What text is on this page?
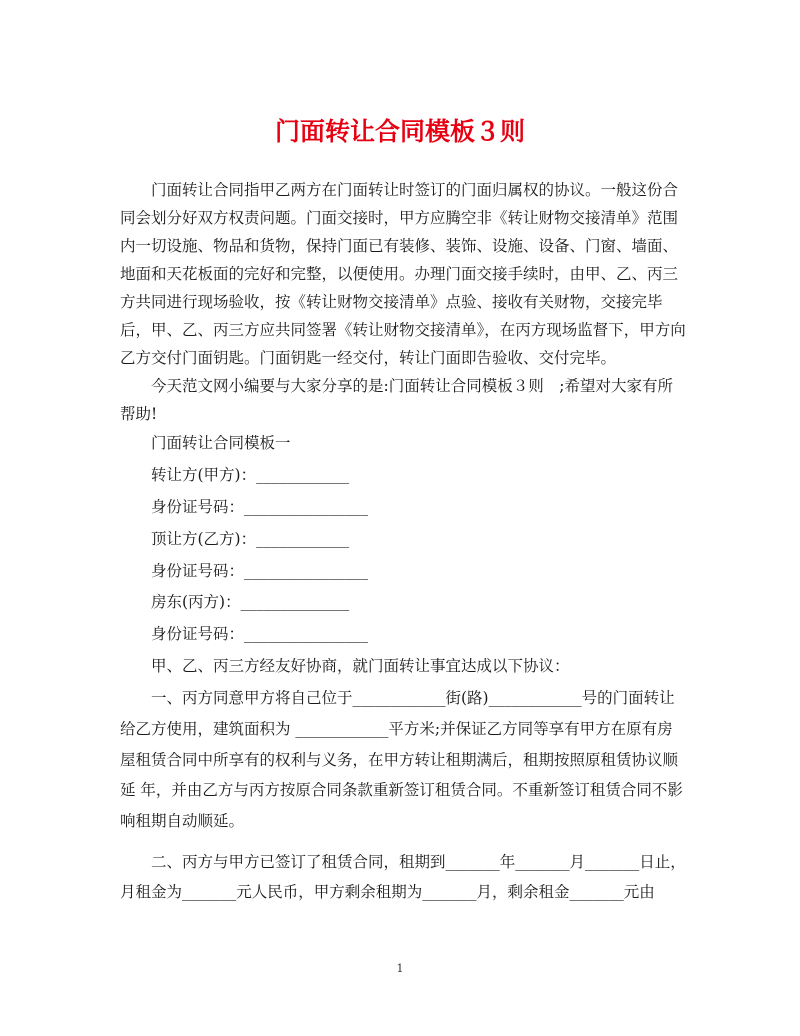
门面转让合同模板３则

门面转让合同指甲乙两方在门面转让时签订的门面归属权的协议。一般这份合同会划分好双方权责问题。门面交接时，甲方应腾空非《转让财物交接清单》范围内一切设施、物品和货物，保持门面已有装修、装饰、设施、设备、门窗、墙面、地面和天花板面的完好和完整，以便使用。办理门面交接手续时，由甲、乙、丙三方共同进行现场验收，按《转让财物交接清单》点验、接收有关财物，交接完毕后，甲、乙、丙三方应共同签署《转让财物交接清单》，在丙方现场监督下，甲方向乙方交付门面钥匙。门面钥匙一经交付，转让门面即告验收、交付完毕。

今天范文网小编要与大家分享的是:门面转让合同模板３则　;希望对大家有所帮助!

门面转让合同模板一

转让方(甲方)：____________

身份证号码：________________

顶让方(乙方)：____________

身份证号码：________________

房东(丙方)：______________

身份证号码：________________

甲、乙、丙三方经友好协商，就门面转让事宜达成以下协议：

一、丙方同意甲方将自己位于____________街(路)____________号的门面转让给乙方使用，建筑面积为 ____________平方米;并保证乙方同等享有甲方在原有房屋租赁合同中所享有的权利与义务，在甲方转让租期满后，租期按照原租赁协议顺延 年，并由乙方与丙方按原合同条款重新签订租赁合同。不重新签订租赁合同不影响租期自动顺延。

二、丙方与甲方已签订了租赁合同，租期到_______年_______月_______日止，月租金为_______元人民币，甲方剩余租期为_______月，剩余租金_______元由

1
